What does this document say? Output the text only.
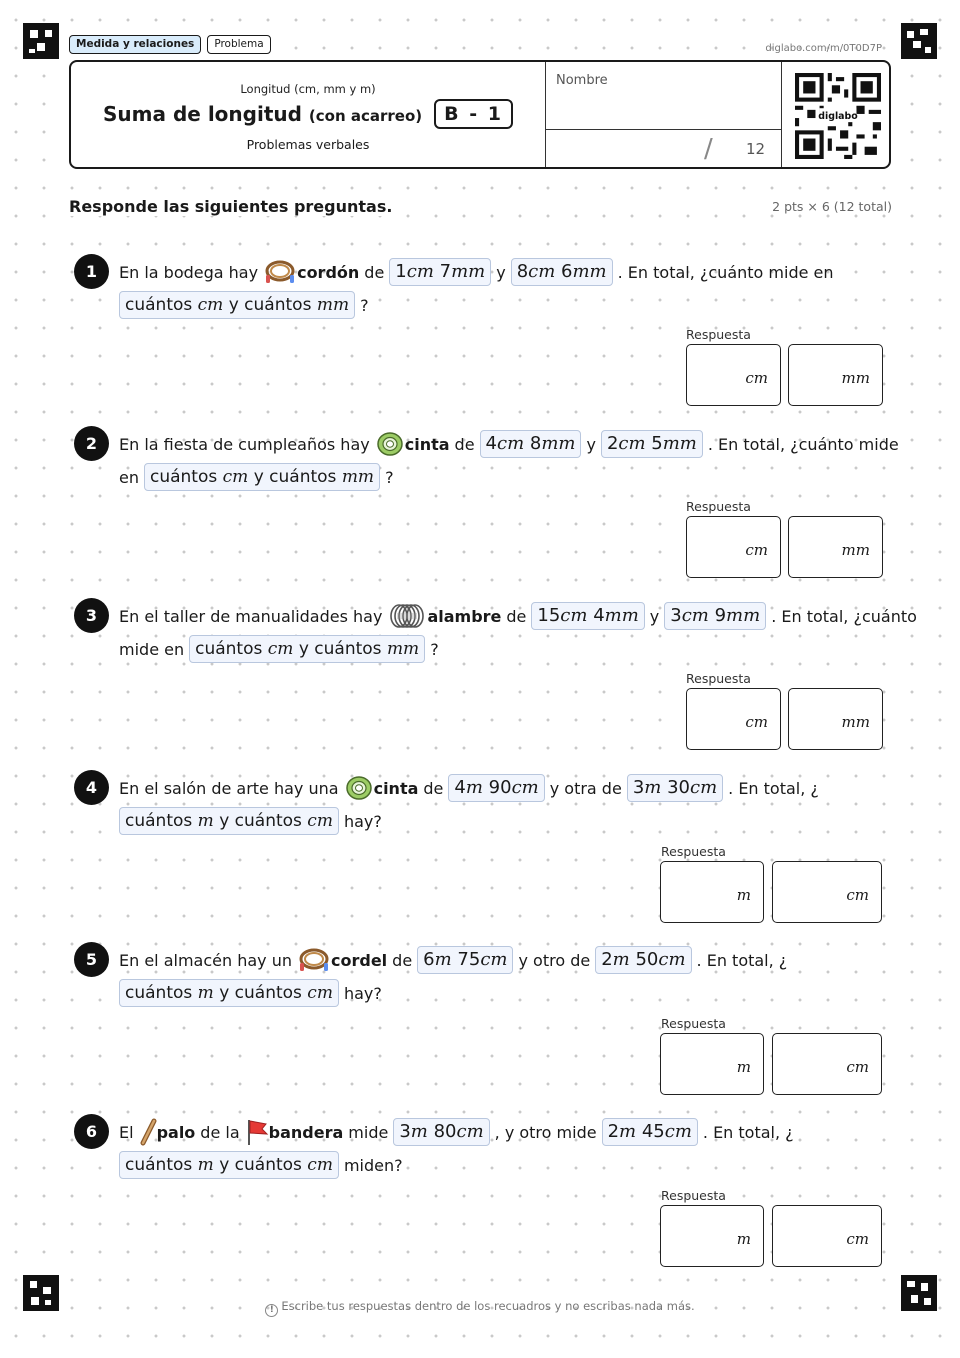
Medida y relaciones	Problema	diglabo.com/m/0T0D7P
Longitud (cm, mm y m)
Suma de longitud (con acarreo)	B - 1
Problemas verbales
Nombre
/ 12
diglabo
Responde las siguientes preguntas.	2 pts × 6 (12 total)
1	En la bodega hay cordón de 1cm 7mm y 8cm 6mm . En total, ¿cuánto mide en
cuántos cm y cuántos mm ?
Respuesta
cm	mm
2	En la fiesta de cumpleaños hay cinta de 4cm 8mm y 2cm 5mm . En total, ¿cuánto mide
en cuántos cm y cuántos mm ?
Respuesta
cm	mm
3	En el taller de manualidades hay	alambre de 15cm 4mm y 3cm 9mm . En total, ¿cuánto
mide en cuántos cm y cuántos mm ?
Respuesta
cm	mm
4	En el salón de arte hay una cinta de 4m 90cm y otra de 3m 30cm . En total, ¿
cuántos m y cuántos cm hay?
Respuesta
m	cm
5	En el almacén hay un cordel de 6m 75cm y otro de 2m 50cm . En total, ¿
cuántos m y cuántos cm hay?
Respuesta
m	cm
6	El palo de la bandera mide 3m 80cm , y otro mide 2m 45cm . En total, ¿
cuántos m y cuántos cm miden?
Respuesta
m	cm
! Escribe tus respuestas dentro de los recuadros y no escribas nada más.
